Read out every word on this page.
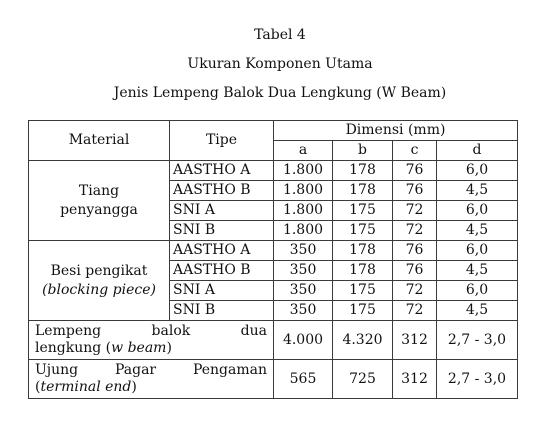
Tabel 4
Ukuran Komponen Utama
Jenis Lempeng Balok Dua Lengkung (W Beam)
Material	Tipe	Dimensi (mm)			
		a	b	c	d
Tiang
penyangga	AASTHO A	1.800	178	76	6,0
	AASTHO B	1.800	178	76	4,5
	SNI A	1.800	175	72	6,0
	SNI B	1.800	175	72	4,5
Besi pengikat
(blocking piece)	AASTHO A	350	178	76	6,0
	AASTHO B	350	178	76	4,5
	SNI A	350	175	72	6,0
	SNI B	350	175	72	4,5

Lempeng balok dua
lengkung (w beam)		4.000	4.320	312	2,7 - 3,0

Ujung Pagar Pengaman
(terminal end)		565	725	312	2,7 - 3,0
